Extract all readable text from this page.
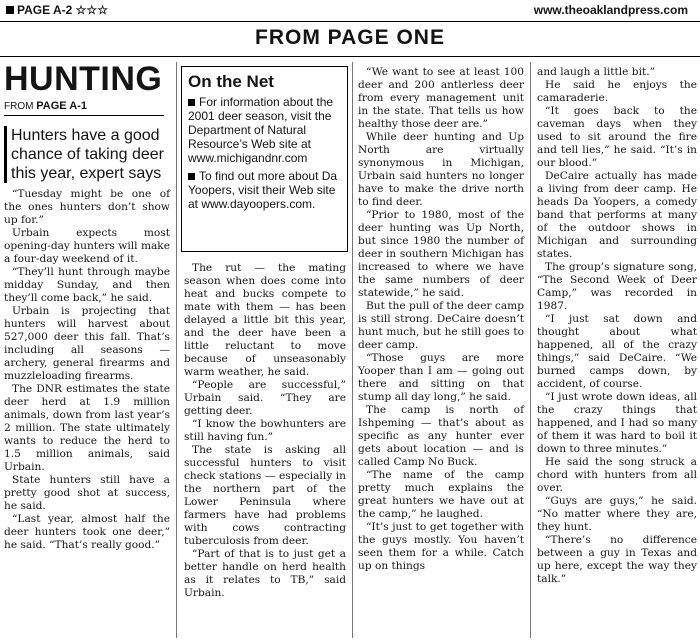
PAGE A-2 ☆☆☆	www.theoaklandpress.com
FROM PAGE ONE
HUNTING
FROM PAGE A-1
Hunters have a good chance of taking deer this year, expert says

“Tuesday might be one of the ones hunters don’t show up for.”

Urbain expects most opening-day hunters will make a four-day weekend of it.

“They’ll hunt through maybe midday Sunday, and then they’ll come back,” he said.

Urbain is projecting that hunters will harvest about 527,000 deer this fall. That’s including all seasons — archery, general firearms and muzzleloading firearms.

The DNR estimates the state deer herd at 1.9 million animals, down from last year’s 2 million. The state ultimately wants to reduce the herd to 1.5 million animals, said Urbain.

State hunters still have a pretty good shot at success, he said.

“Last year, almost half the deer hunters took one deer,” he said. “That’s really good.”

On the Net
For information about the 2001 deer season, visit the Department of Natural Resource’s Web site at www.michigandnr.com
To find out more about Da Yoopers, visit their Web site at www.dayoopers.com.

The rut — the mating season when does come into heat and bucks compete to mate with them — has been delayed a little bit this year, and the deer have been a little reluctant to move because of unseasonably warm weather, he said.

“People are successful,” Urbain said. “They are getting deer.

“I know the bowhunters are still having fun.”

The state is asking all successful hunters to visit check stations — especially in the northern part of the Lower Peninsula where farmers have had problems with cows contracting tuberculosis from deer.

“Part of that is to just get a better handle on herd health as it relates to TB,” said Urbain.

“We want to see at least 100 deer and 200 antlerless deer from every management unit in the state. That tells us how healthy those deer are.”

While deer hunting and Up North are virtually synonymous in Michigan, Urbain said hunters no longer have to make the drive north to find deer.

“Prior to 1980, most of the deer hunting was Up North, but since 1980 the number of deer in southern Michigan has increased to where we have the same numbers of deer statewide,” he said.

But the pull of the deer camp is still strong. DeCaire doesn’t hunt much, but he still goes to deer camp.

“Those guys are more Yooper than I am — going out there and sitting on that stump all day long,” he said.

The camp is north of Ishpeming — that’s about as specific as any hunter ever gets about location — and is called Camp No Buck.

“The name of the camp pretty much explains the great hunters we have out at the camp,” he laughed.

“It’s just to get together with the guys mostly. You haven’t seen them for a while. Catch up on things

and laugh a little bit.”

He said he enjoys the camaraderie.

“It goes back to the caveman days when they used to sit around the fire and tell lies,” he said. “It’s in our blood.”

DeCaire actually has made a living from deer camp. He heads Da Yoopers, a comedy band that performs at many of the outdoor shows in Michigan and surrounding states.

The group’s signature song, “The Second Week of Deer Camp,” was recorded in 1987.

“I just sat down and thought about what happened, all of the crazy things,” said DeCaire. “We burned camps down, by accident, of course.

“I just wrote down ideas, all the crazy things that happened, and I had so many of them it was hard to boil it down to three minutes.”

He said the song struck a chord with hunters from all over.

“Guys are guys,” he said. “No matter where they are, they hunt.

“There’s no difference between a guy in Texas and up here, except the way they talk.”
